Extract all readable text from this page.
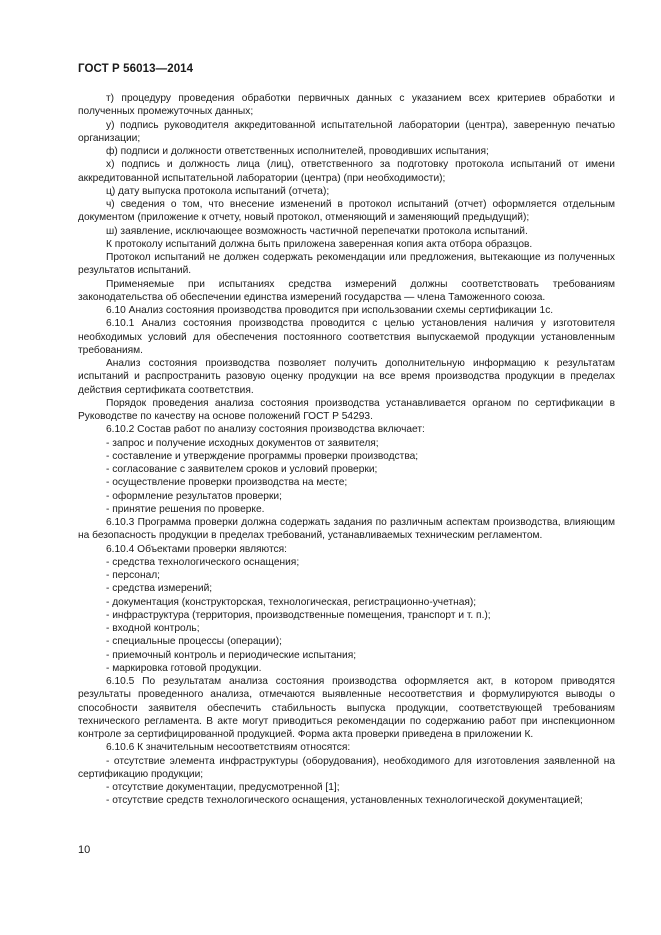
ГОСТ Р 56013—2014

т) процедуру проведения обработки первичных данных с указанием всех критериев обработки и полученных промежуточных данных;

у) подпись руководителя аккредитованной испытательной лаборатории (центра), заверенную печатью организации;

ф) подписи и должности ответственных исполнителей, проводивших испытания;

х) подпись и должность лица (лиц), ответственного за подготовку протокола испытаний от имени аккредитованной испытательной лаборатории (центра) (при необходимости);

ц) дату выпуска протокола испытаний (отчета);

ч) сведения о том, что внесение изменений в протокол испытаний (отчет) оформляется отдельным документом (приложение к отчету, новый протокол, отменяющий и заменяющий предыдущий);

ш) заявление, исключающее возможность частичной перепечатки протокола испытаний.

К протоколу испытаний должна быть приложена заверенная копия акта отбора образцов.

Протокол испытаний не должен содержать рекомендации или предложения, вытекающие из полученных результатов испытаний.

Применяемые при испытаниях средства измерений должны соответствовать требованиям законодательства об обеспечении единства измерений государства — члена Таможенного союза.

6.10 Анализ состояния производства проводится при использовании схемы сертификации 1с.

6.10.1 Анализ состояния производства проводится с целью установления наличия у изготовителя необходимых условий для обеспечения постоянного соответствия выпускаемой продукции установленным требованиям.

Анализ состояния производства позволяет получить дополнительную информацию к результатам испытаний и распространить разовую оценку продукции на все время производства продукции в пределах действия сертификата соответствия.

Порядок проведения анализа состояния производства устанавливается органом по сертификации в Руководстве по качеству на основе положений ГОСТ Р 54293.

6.10.2 Состав работ по анализу состояния производства включает:

- запрос и получение исходных документов от заявителя;

- составление и утверждение программы проверки производства;

- согласование с заявителем сроков и условий проверки;

- осуществление проверки производства на месте;

- оформление результатов проверки;

- принятие решения по проверке.

6.10.3 Программа проверки должна содержать задания по различным аспектам производства, влияющим на безопасность продукции в пределах требований, устанавливаемых техническим регламентом.

6.10.4 Объектами проверки являются:

- средства технологического оснащения;

- персонал;

- средства измерений;

- документация (конструкторская, технологическая, регистрационно-учетная);

- инфраструктура (территория, производственные помещения, транспорт и т. п.);

- входной контроль;

- специальные процессы (операции);

- приемочный контроль и периодические испытания;

- маркировка готовой продукции.

6.10.5 По результатам анализа состояния производства оформляется акт, в котором приводятся результаты проведенного анализа, отмечаются выявленные несоответствия и формулируются выводы о способности заявителя обеспечить стабильность выпуска продукции, соответствующей требованиям технического регламента. В акте могут приводиться рекомендации по содержанию работ при инспекционном контроле за сертифицированной продукцией. Форма акта проверки приведена в приложении К.

6.10.6 К значительным несоответствиям относятся:

- отсутствие элемента инфраструктуры (оборудования), необходимого для изготовления заявленной на сертификацию продукции;

- отсутствие документации, предусмотренной [1];

- отсутствие средств технологического оснащения, установленных технологической документацией;

10
